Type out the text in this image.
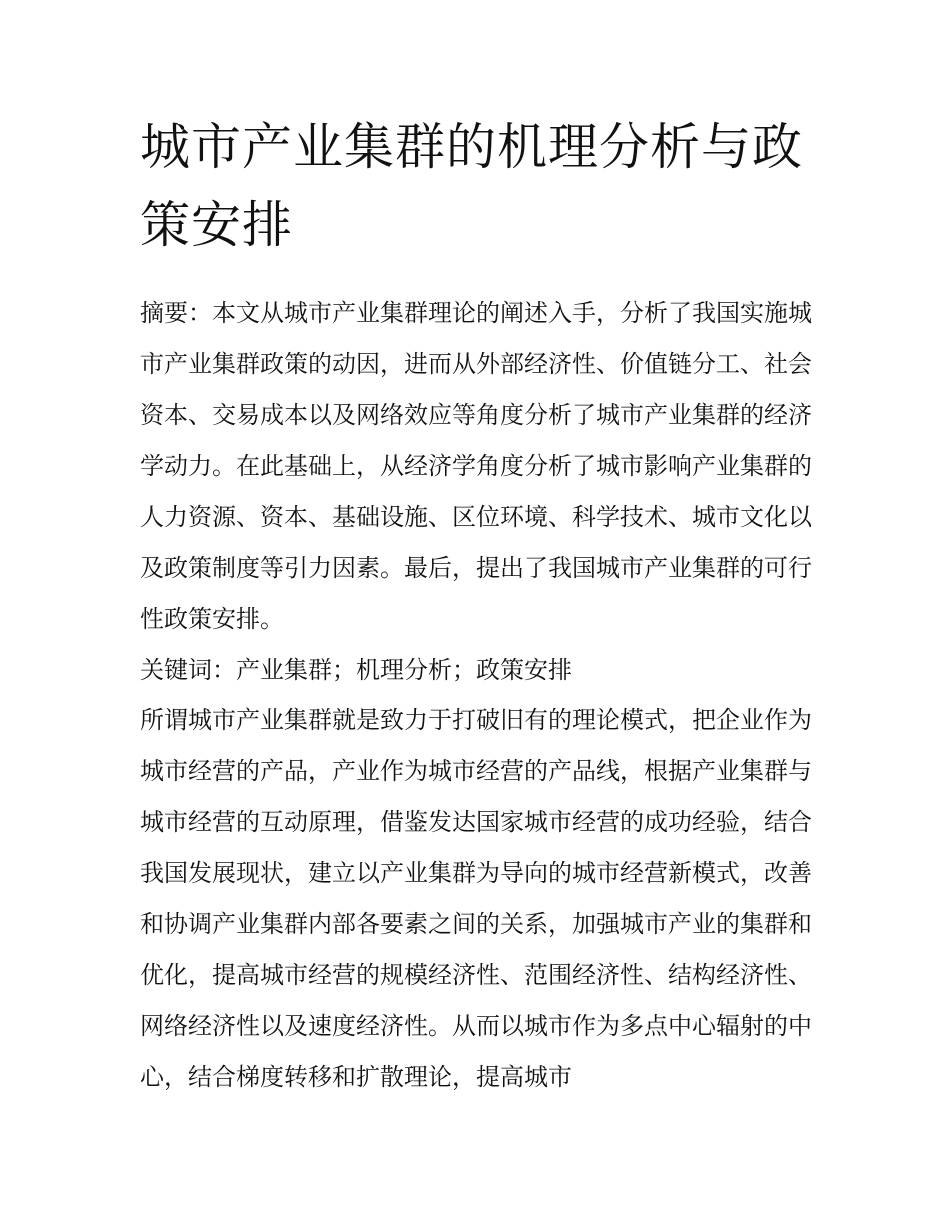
城市产业集群的机理分析与政策安排

摘要：本文从城市产业集群理论的阐述入手，分析了我国实施城市产业集群政策的动因，进而从外部经济性、价值链分工、社会资本、交易成本以及网络效应等角度分析了城市产业集群的经济学动力。在此基础上，从经济学角度分析了城市影响产业集群的人力资源、资本、基础设施、区位环境、科学技术、城市文化以及政策制度等引力因素。最后，提出了我国城市产业集群的可行性政策安排。

关键词：产业集群；机理分析；政策安排

所谓城市产业集群就是致力于打破旧有的理论模式，把企业作为城市经营的产品，产业作为城市经营的产品线，根据产业集群与城市经营的互动原理，借鉴发达国家城市经营的成功经验，结合我国发展现状，建立以产业集群为导向的城市经营新模式，改善和协调产业集群内部各要素之间的关系，加强城市产业的集群和优化，提高城市经营的规模经济性、范围经济性、结构经济性、网络经济性以及速度经济性。从而以城市作为多点中心辐射的中心，结合梯度转移和扩散理论，提高城市
